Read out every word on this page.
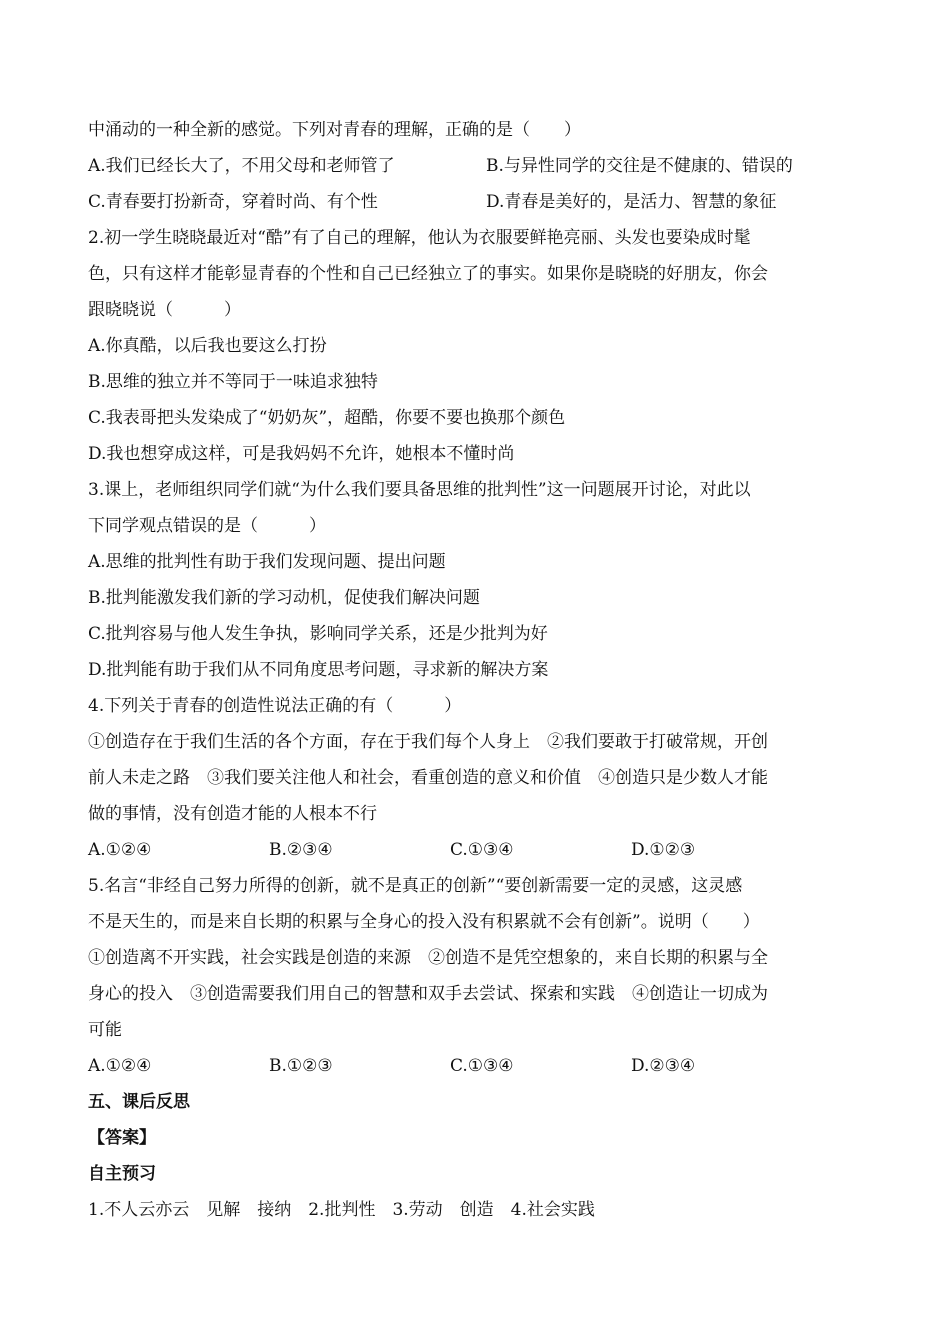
中涌动的一种全新的感觉。下列对青春的理解，正确的是（　　）
A.我们已经长大了，不用父母和老师管了	B.与异性同学的交往是不健康的、错误的
C.青春要打扮新奇，穿着时尚、有个性	D.青春是美好的，是活力、智慧的象征
2.初一学生晓晓最近对“酷”有了自己的理解，他认为衣服要鲜艳亮丽、头发也要染成时髦
色，只有这样才能彰显青春的个性和自己已经独立了的事实。如果你是晓晓的好朋友，你会
跟晓晓说（　　　）
A.你真酷，以后我也要这么打扮
B.思维的独立并不等同于一味追求独特
C.我表哥把头发染成了“奶奶灰”，超酷，你要不要也换那个颜色
D.我也想穿成这样，可是我妈妈不允许，她根本不懂时尚
3.课上，老师组织同学们就“为什么我们要具备思维的批判性”这一问题展开讨论，对此以
下同学观点错误的是（　　　）
A.思维的批判性有助于我们发现问题、提出问题
B.批判能激发我们新的学习动机，促使我们解决问题
C.批判容易与他人发生争执，影响同学关系，还是少批判为好
D.批判能有助于我们从不同角度思考问题，寻求新的解决方案
4.下列关于青春的创造性说法正确的有（　　　）
①创造存在于我们生活的各个方面，存在于我们每个人身上　②我们要敢于打破常规，开创
前人未走之路　③我们要关注他人和社会，看重创造的意义和价值　④创造只是少数人才能
做的事情，没有创造才能的人根本不行
A.①②④	B.②③④	C.①③④	D.①②③
5.名言“非经自己努力所得的创新，就不是真正的创新”“要创新需要一定的灵感，这灵感
不是天生的，而是来自长期的积累与全身心的投入没有积累就不会有创新”。说明（　　）
①创造离不开实践，社会实践是创造的来源　②创造不是凭空想象的，来自长期的积累与全
身心的投入　③创造需要我们用自己的智慧和双手去尝试、探索和实践　④创造让一切成为
可能
A.①②④	B.①②③	C.①③④	D.②③④
五、课后反思
【答案】
自主预习
1.不人云亦云　见解　接纳　2.批判性　3.劳动　创造　4.社会实践
